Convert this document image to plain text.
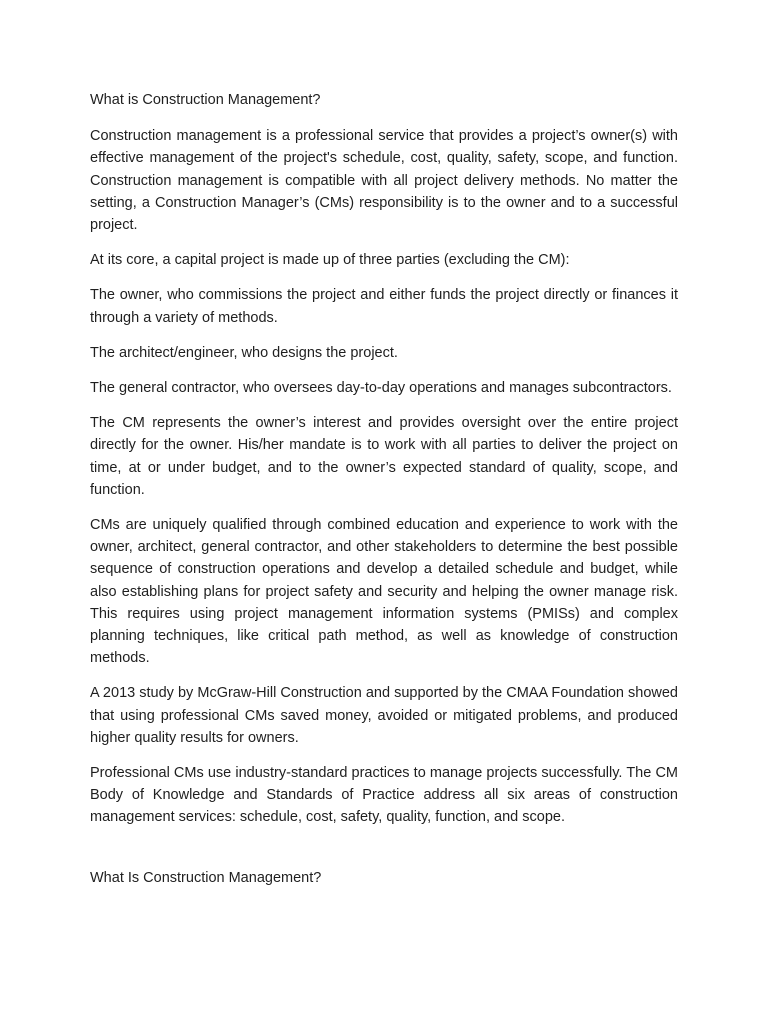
What is Construction Management?

Construction management is a professional service that provides a project’s owner(s) with effective management of the project's schedule, cost, quality, safety, scope, and function. Construction management is compatible with all project delivery methods. No matter the setting, a Construction Manager’s (CMs) responsibility is to the owner and to a successful project.

At its core, a capital project is made up of three parties (excluding the CM):

The owner, who commissions the project and either funds the project directly or finances it through a variety of methods.

The architect/engineer, who designs the project.

The general contractor, who oversees day-to-day operations and manages subcontractors.

The CM represents the owner’s interest and provides oversight over the entire project directly for the owner. His/her mandate is to work with all parties to deliver the project on time, at or under budget, and to the owner’s expected standard of quality, scope, and function.

CMs are uniquely qualified through combined education and experience to work with the owner, architect, general contractor, and other stakeholders to determine the best possible sequence of construction operations and develop a detailed schedule and budget, while also establishing plans for project safety and security and helping the owner manage risk. This requires using project management information systems (PMISs) and complex planning techniques, like critical path method, as well as knowledge of construction methods.

A 2013 study by McGraw-Hill Construction and supported by the CMAA Foundation showed that using professional CMs saved money, avoided or mitigated problems, and produced higher quality results for owners.

Professional CMs use industry-standard practices to manage projects successfully. The CM Body of Knowledge and Standards of Practice address all six areas of construction management services: schedule, cost, safety, quality, function, and scope.

What Is Construction Management?
